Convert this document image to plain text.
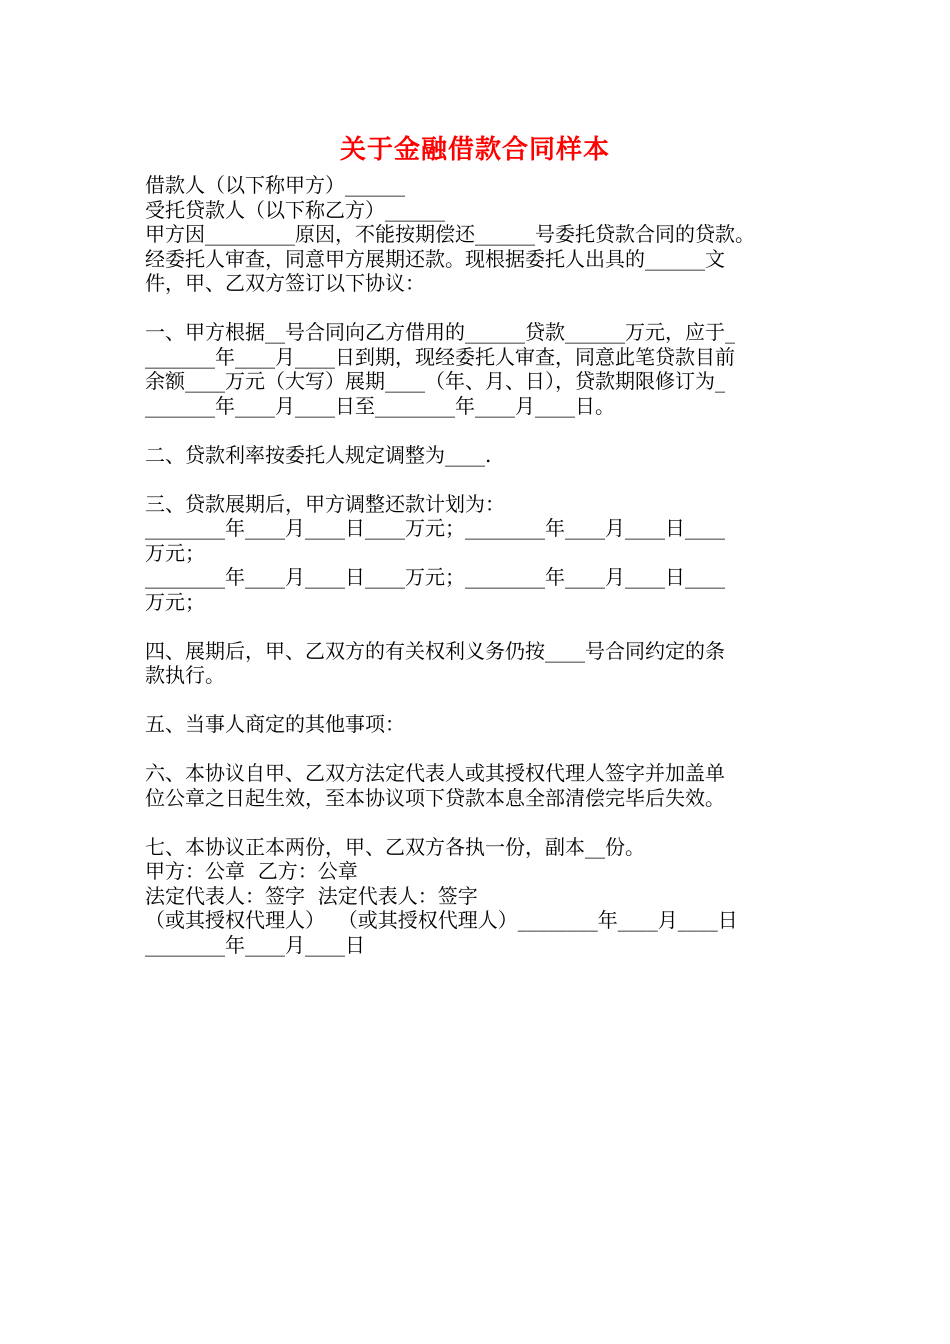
关于金融借款合同样本
借款人（以下称甲方）______
受托贷款人（以下称乙方）______
甲方因_________原因，不能按期偿还______号委托贷款合同的贷款。
经委托人审查，同意甲方展期还款。现根据委托人出具的______文
件，甲、乙双方签订以下协议：
一、甲方根据__号合同向乙方借用的______贷款______万元，应于_
_______年____月____日到期，现经委托人审查，同意此笔贷款目前
余额____万元（大写）展期____（年、月、日），贷款期限修订为_
_______年____月____日至________年____月____日。
二、贷款利率按委托人规定调整为____.
三、贷款展期后，甲方调整还款计划为：
________年____月____日____万元；________年____月____日____
万元；
________年____月____日____万元；________年____月____日____
万元；
四、展期后，甲、乙双方的有关权利义务仍按____号合同约定的条
款执行。
五、当事人商定的其他事项：
六、本协议自甲、乙双方法定代表人或其授权代理人签字并加盖单
位公章之日起生效，至本协议项下贷款本息全部清偿完毕后失效。
七、本协议正本两份，甲、乙双方各执一份，副本__份。
甲方：公章  乙方：公章
法定代表人：签字  法定代表人：签字
（或其授权代理人）  （或其授权代理人）________年____月____日
________年____月____日
